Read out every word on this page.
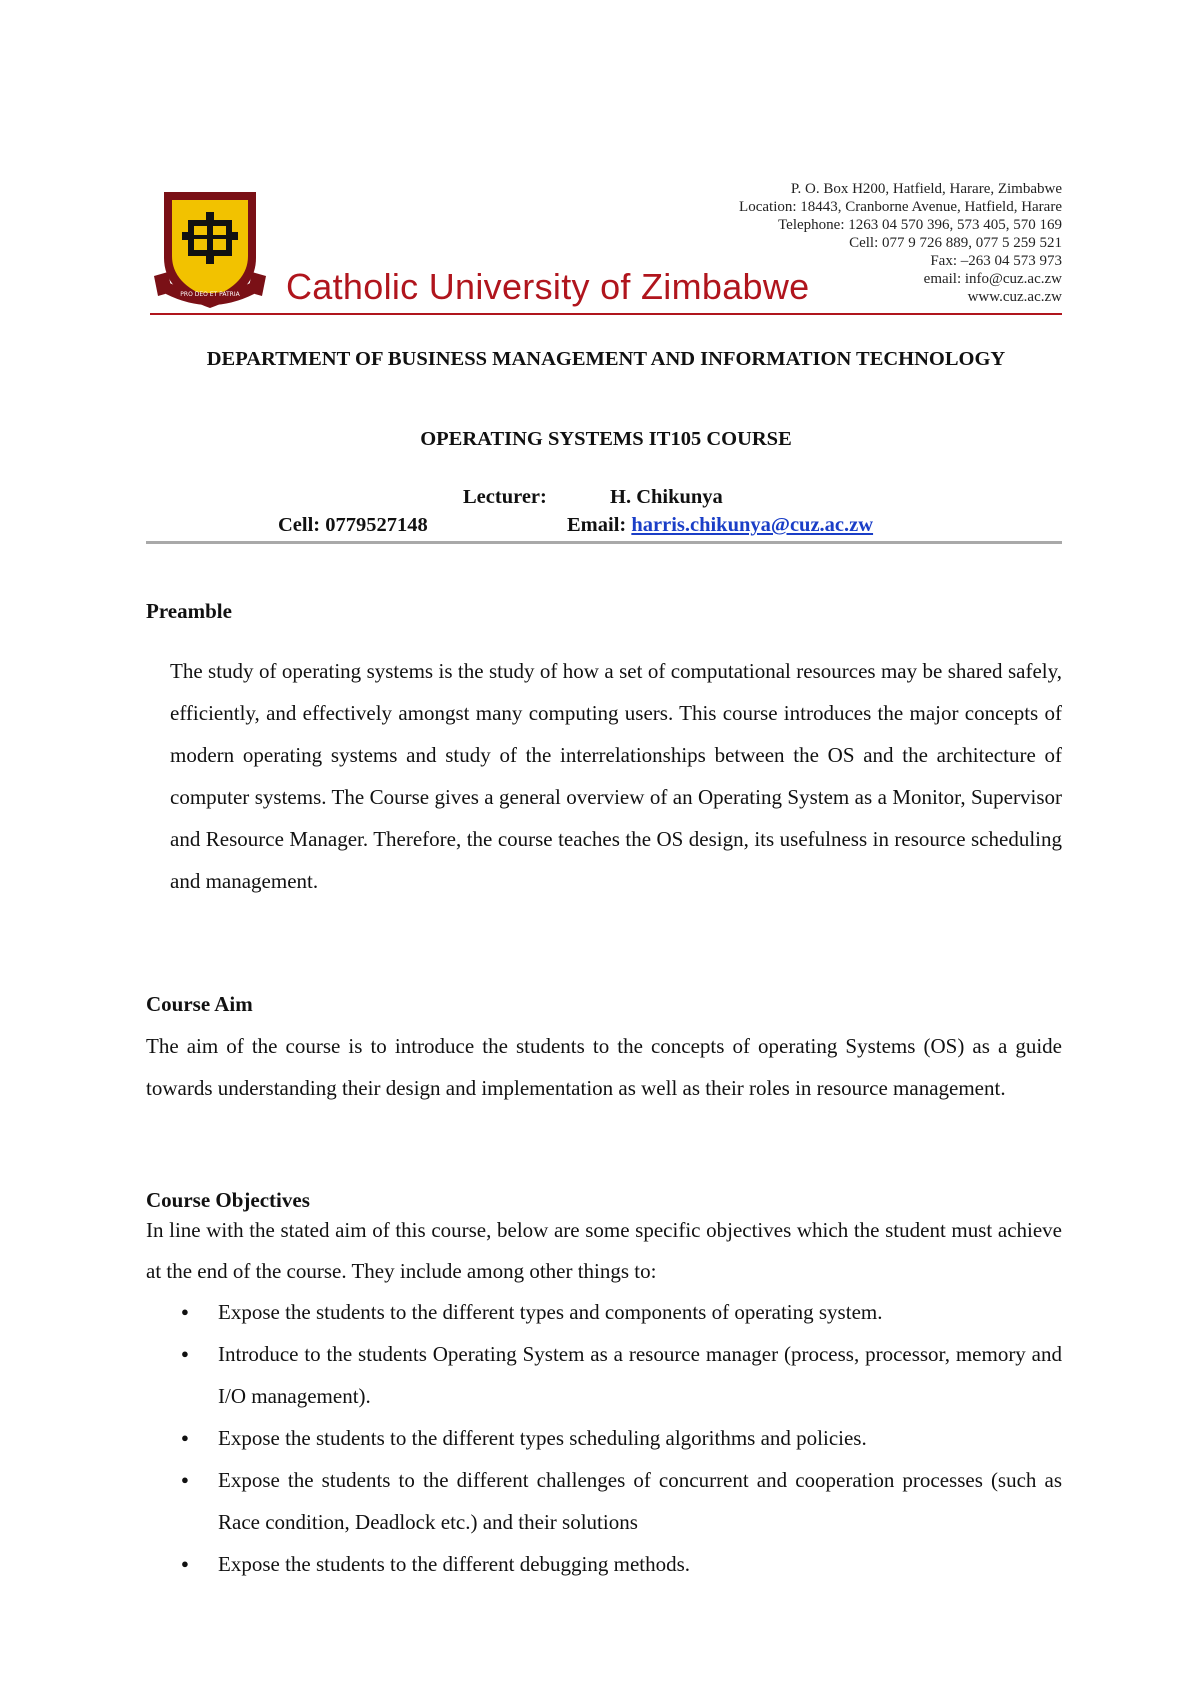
PRO DEO ET PATRIA Catholic University of Zimbabwe
P. O. Box H200, Hatfield, Harare, Zimbabwe
Location: 18443, Cranborne Avenue, Hatfield, Harare
Telephone: 1263 04 570 396, 573 405, 570 169
Cell: 077 9 726 889, 077 5 259 521
Fax: –263 04 573 973
email: info@cuz.ac.zw
www.cuz.ac.zw
DEPARTMENT OF BUSINESS MANAGEMENT AND INFORMATION TECHNOLOGY
OPERATING SYSTEMS IT105 COURSE
Lecturer:	H. Chikunya
Cell: 0779527148	Email: harris.chikunya@cuz.ac.zw
Preamble

The study of operating systems is the study of how a set of computational resources may be shared safely, efficiently, and effectively amongst many computing users. This course introduces the major concepts of modern operating systems and study of the interrelationships between the OS and the architecture of computer systems. The Course gives a general overview of an Operating System as a Monitor, Supervisor and Resource Manager. Therefore, the course teaches the OS design, its usefulness in resource scheduling and management.

Course Aim

The aim of the course is to introduce the students to the concepts of operating Systems (OS) as a guide towards understanding their design and implementation as well as their roles in resource management.

Course Objectives

In line with the stated aim of this course, below are some specific objectives which the student must achieve at the end of the course. They include among other things to:

● Expose the students to the different types and components of operating system.
● Introduce to the students Operating System as a resource manager (process, processor, memory and I/O management).
● Expose the students to the different types scheduling algorithms and policies.
● Expose the students to the different challenges of concurrent and cooperation processes (such as Race condition, Deadlock etc.) and their solutions
● Expose the students to the different debugging methods.
